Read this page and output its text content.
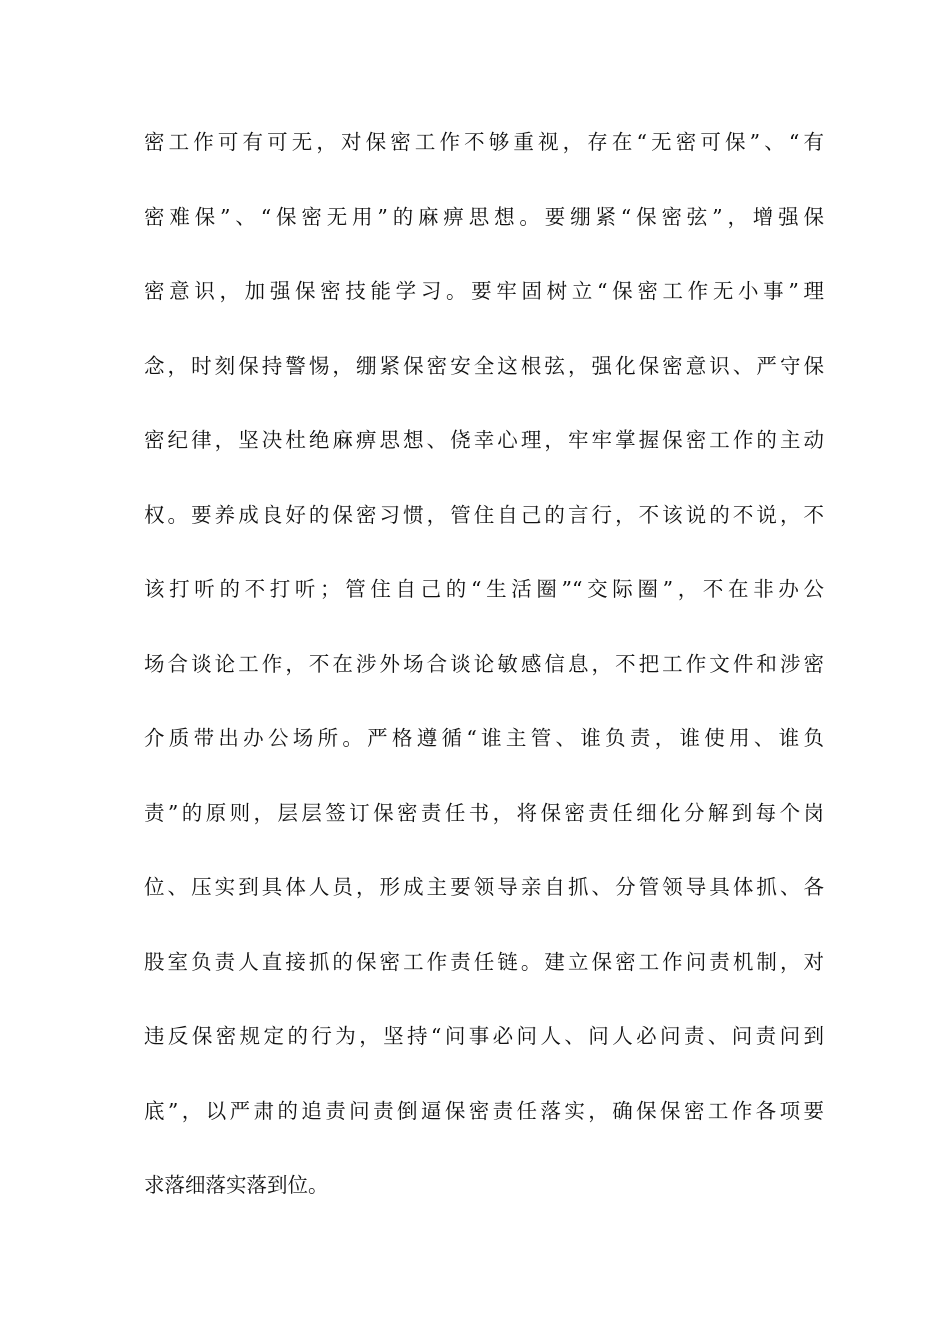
密工作可有可无，对保密工作不够重视，存在“无密可保”、“有
密难保”、“保密无用”的麻痹思想。要绷紧“保密弦”，增强保
密意识，加强保密技能学习。要牢固树立“保密工作无小事”理
念，时刻保持警惕，绷紧保密安全这根弦，强化保密意识、严守保
密纪律，坚决杜绝麻痹思想、侥幸心理，牢牢掌握保密工作的主动
权。要养成良好的保密习惯，管住自己的言行，不该说的不说，不
该打听的不打听；管住自己的“生活圈”“交际圈”，不在非办公
场合谈论工作，不在涉外场合谈论敏感信息，不把工作文件和涉密
介质带出办公场所。严格遵循“谁主管、谁负责，谁使用、谁负
责”的原则，层层签订保密责任书，将保密责任细化分解到每个岗
位、压实到具体人员，形成主要领导亲自抓、分管领导具体抓、各
股室负责人直接抓的保密工作责任链。建立保密工作问责机制，对
违反保密规定的行为，坚持“问事必问人、问人必问责、问责问到
底”，以严肃的追责问责倒逼保密责任落实，确保保密工作各项要
求落细落实落到位。
